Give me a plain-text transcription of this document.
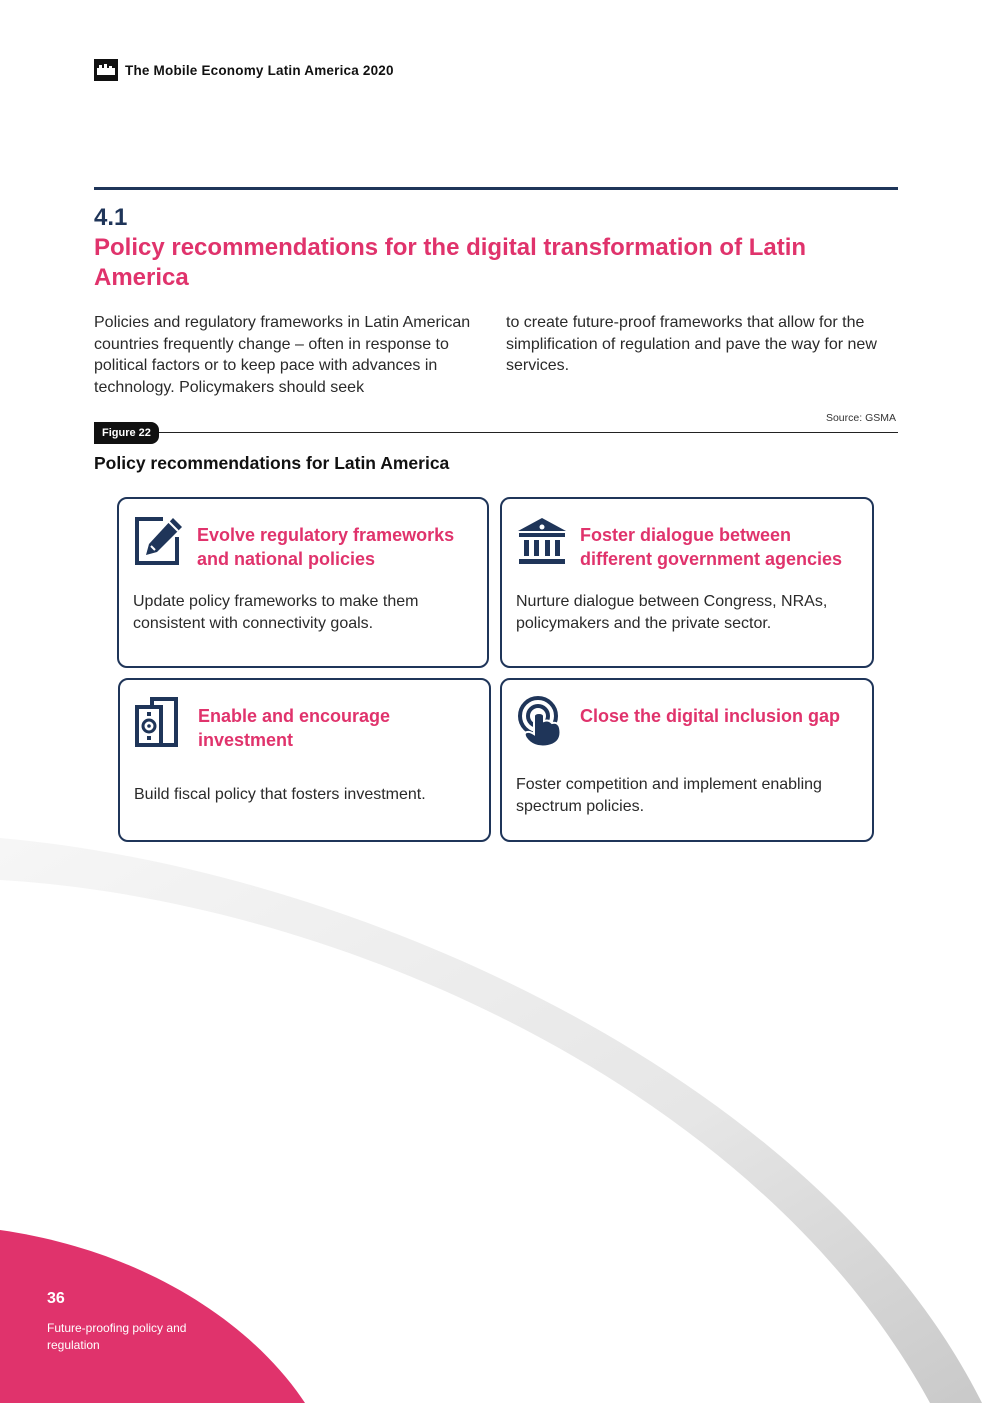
The Mobile Economy Latin America 2020
4.1
Policy recommendations for the digital transformation of Latin America
Policies and regulatory frameworks in Latin American countries frequently change – often in response to political factors or to keep pace with advances in technology. Policymakers should seek
to create future-proof frameworks that allow for the simplification of regulation and pave the way for new services.
Source: GSMA
Figure 22
Policy recommendations for Latin America
Evolve regulatory frameworks and national policies
Update policy frameworks to make them consistent with connectivity goals.
Foster dialogue between different government agencies
Nurture dialogue between Congress, NRAs, policymakers and the private sector.
Enable and encourage investment
Build fiscal policy that fosters investment.
Close the digital inclusion gap
Foster competition and implement enabling spectrum policies.
36
Future-proofing policy and regulation
